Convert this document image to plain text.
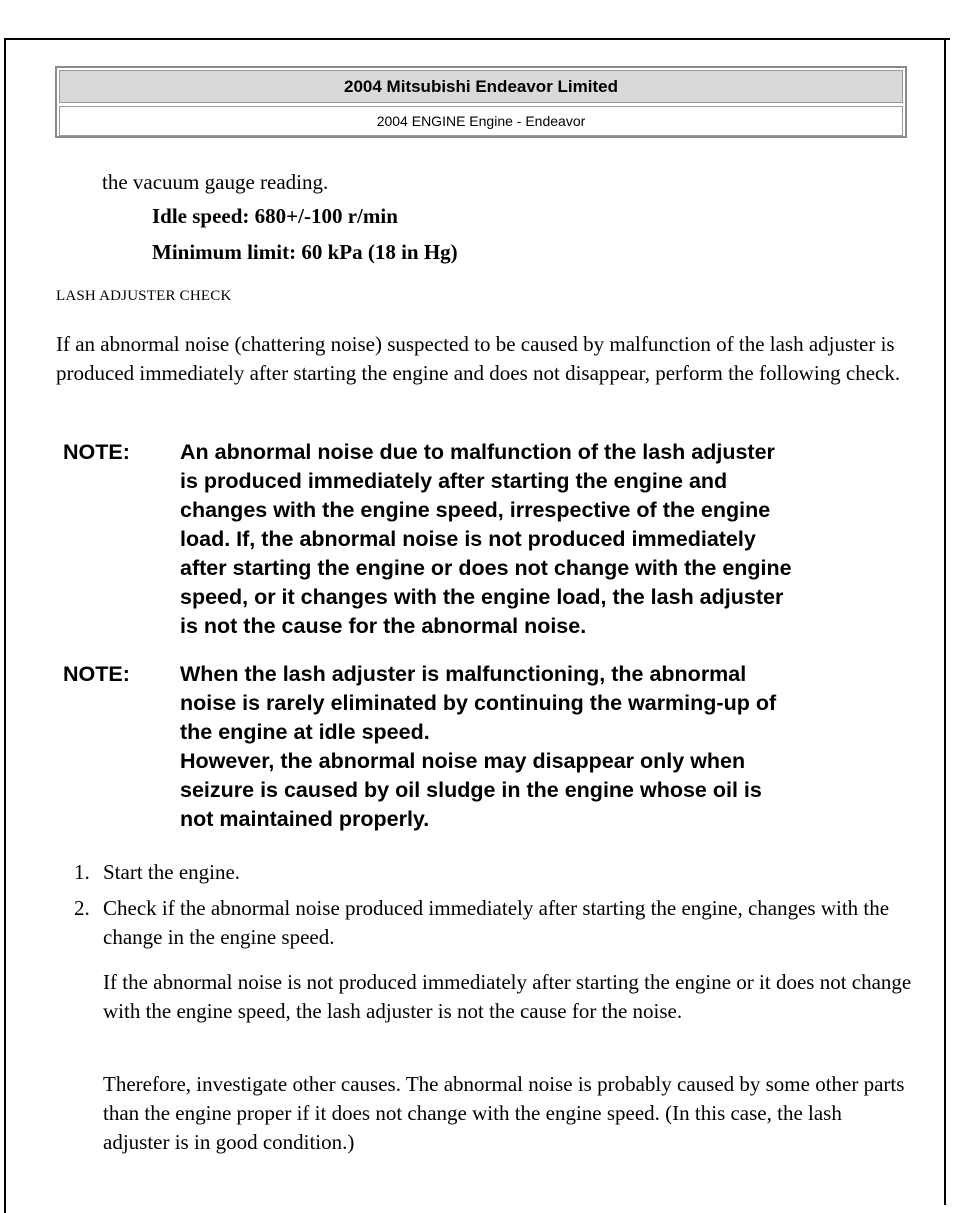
2004 Mitsubishi Endeavor Limited
2004 ENGINE Engine - Endeavor

the vacuum gauge reading.

Idle speed: 680+/-100 r/min

Minimum limit: 60 kPa (18 in Hg)

LASH ADJUSTER CHECK

If an abnormal noise (chattering noise) suspected to be caused by malfunction of the lash adjuster is produced immediately after starting the engine and does not disappear, perform the following check.

NOTE: An abnormal noise due to malfunction of the lash adjuster
is produced immediately after starting the engine and
changes with the engine speed, irrespective of the engine
load. If, the abnormal noise is not produced immediately
after starting the engine or does not change with the engine
speed, or it changes with the engine load, the lash adjuster
is not the cause for the abnormal noise.
NOTE: When the lash adjuster is malfunctioning, the abnormal
noise is rarely eliminated by continuing the warming-up of
the engine at idle speed.
However, the abnormal noise may disappear only when
seizure is caused by oil sludge in the engine whose oil is
not maintained properly.
1. Start the engine.
2. Check if the abnormal noise produced immediately after starting the engine, changes with the change in the engine speed.

If the abnormal noise is not produced immediately after starting the engine or it does not change with the engine speed, the lash adjuster is not the cause for the noise.

Therefore, investigate other causes. The abnormal noise is probably caused by some other parts than the engine proper if it does not change with the engine speed. (In this case, the lash adjuster is in good condition.)
